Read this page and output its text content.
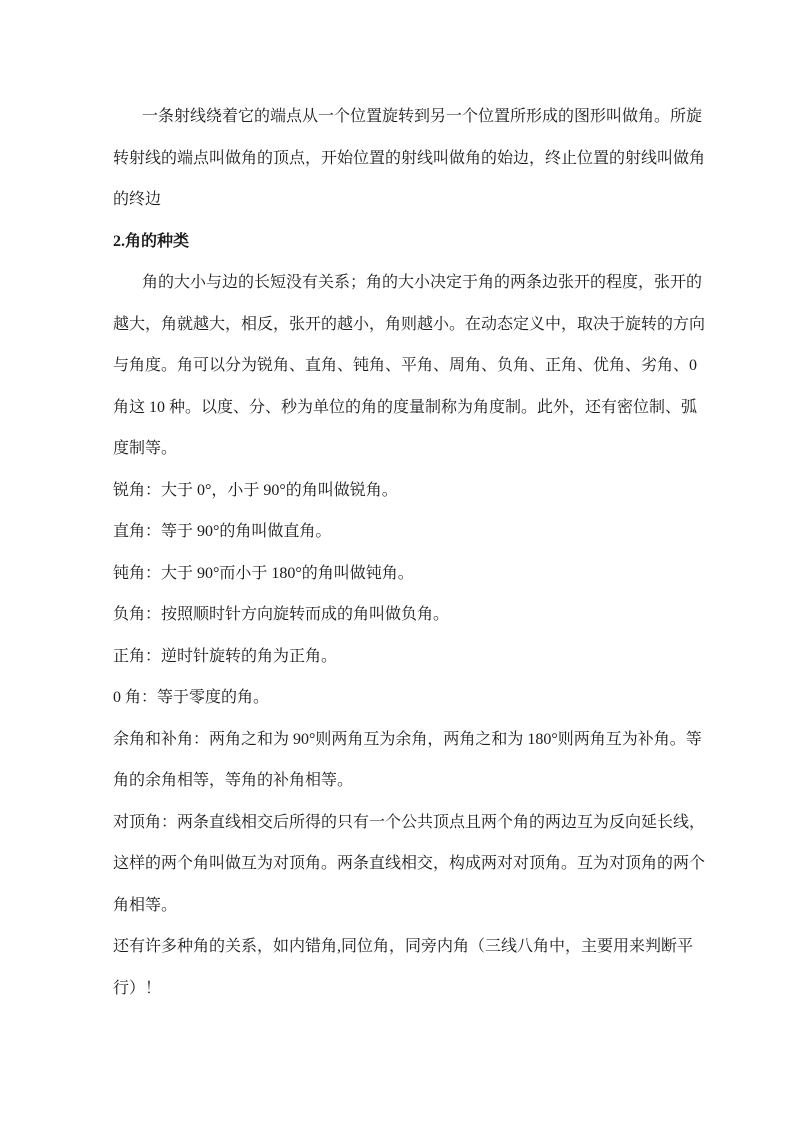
一条射线绕着它的端点从一个位置旋转到另一个位置所形成的图形叫做角。所旋
转射线的端点叫做角的顶点，开始位置的射线叫做角的始边，终止位置的射线叫做角
的终边
2.角的种类
角的大小与边的长短没有关系；角的大小决定于角的两条边张开的程度，张开的
越大，角就越大，相反，张开的越小，角则越小。在动态定义中，取决于旋转的方向
与角度。角可以分为锐角、直角、钝角、平角、周角、负角、正角、优角、劣角、0
角这 10 种。以度、分、秒为单位的角的度量制称为角度制。此外，还有密位制、弧
度制等。
锐角：大于 0°，小于 90°的角叫做锐角。
直角：等于 90°的角叫做直角。
钝角：大于 90°而小于 180°的角叫做钝角。
负角：按照顺时针方向旋转而成的角叫做负角。
正角：逆时针旋转的角为正角。
0 角：等于零度的角。
余角和补角：两角之和为 90°则两角互为余角，两角之和为 180°则两角互为补角。等
角的余角相等，等角的补角相等。
对顶角：两条直线相交后所得的只有一个公共顶点且两个角的两边互为反向延长线，
这样的两个角叫做互为对顶角。两条直线相交，构成两对对顶角。互为对顶角的两个
角相等。
还有许多种角的关系，如内错角,同位角，同旁内角（三线八角中，主要用来判断平
行）！
